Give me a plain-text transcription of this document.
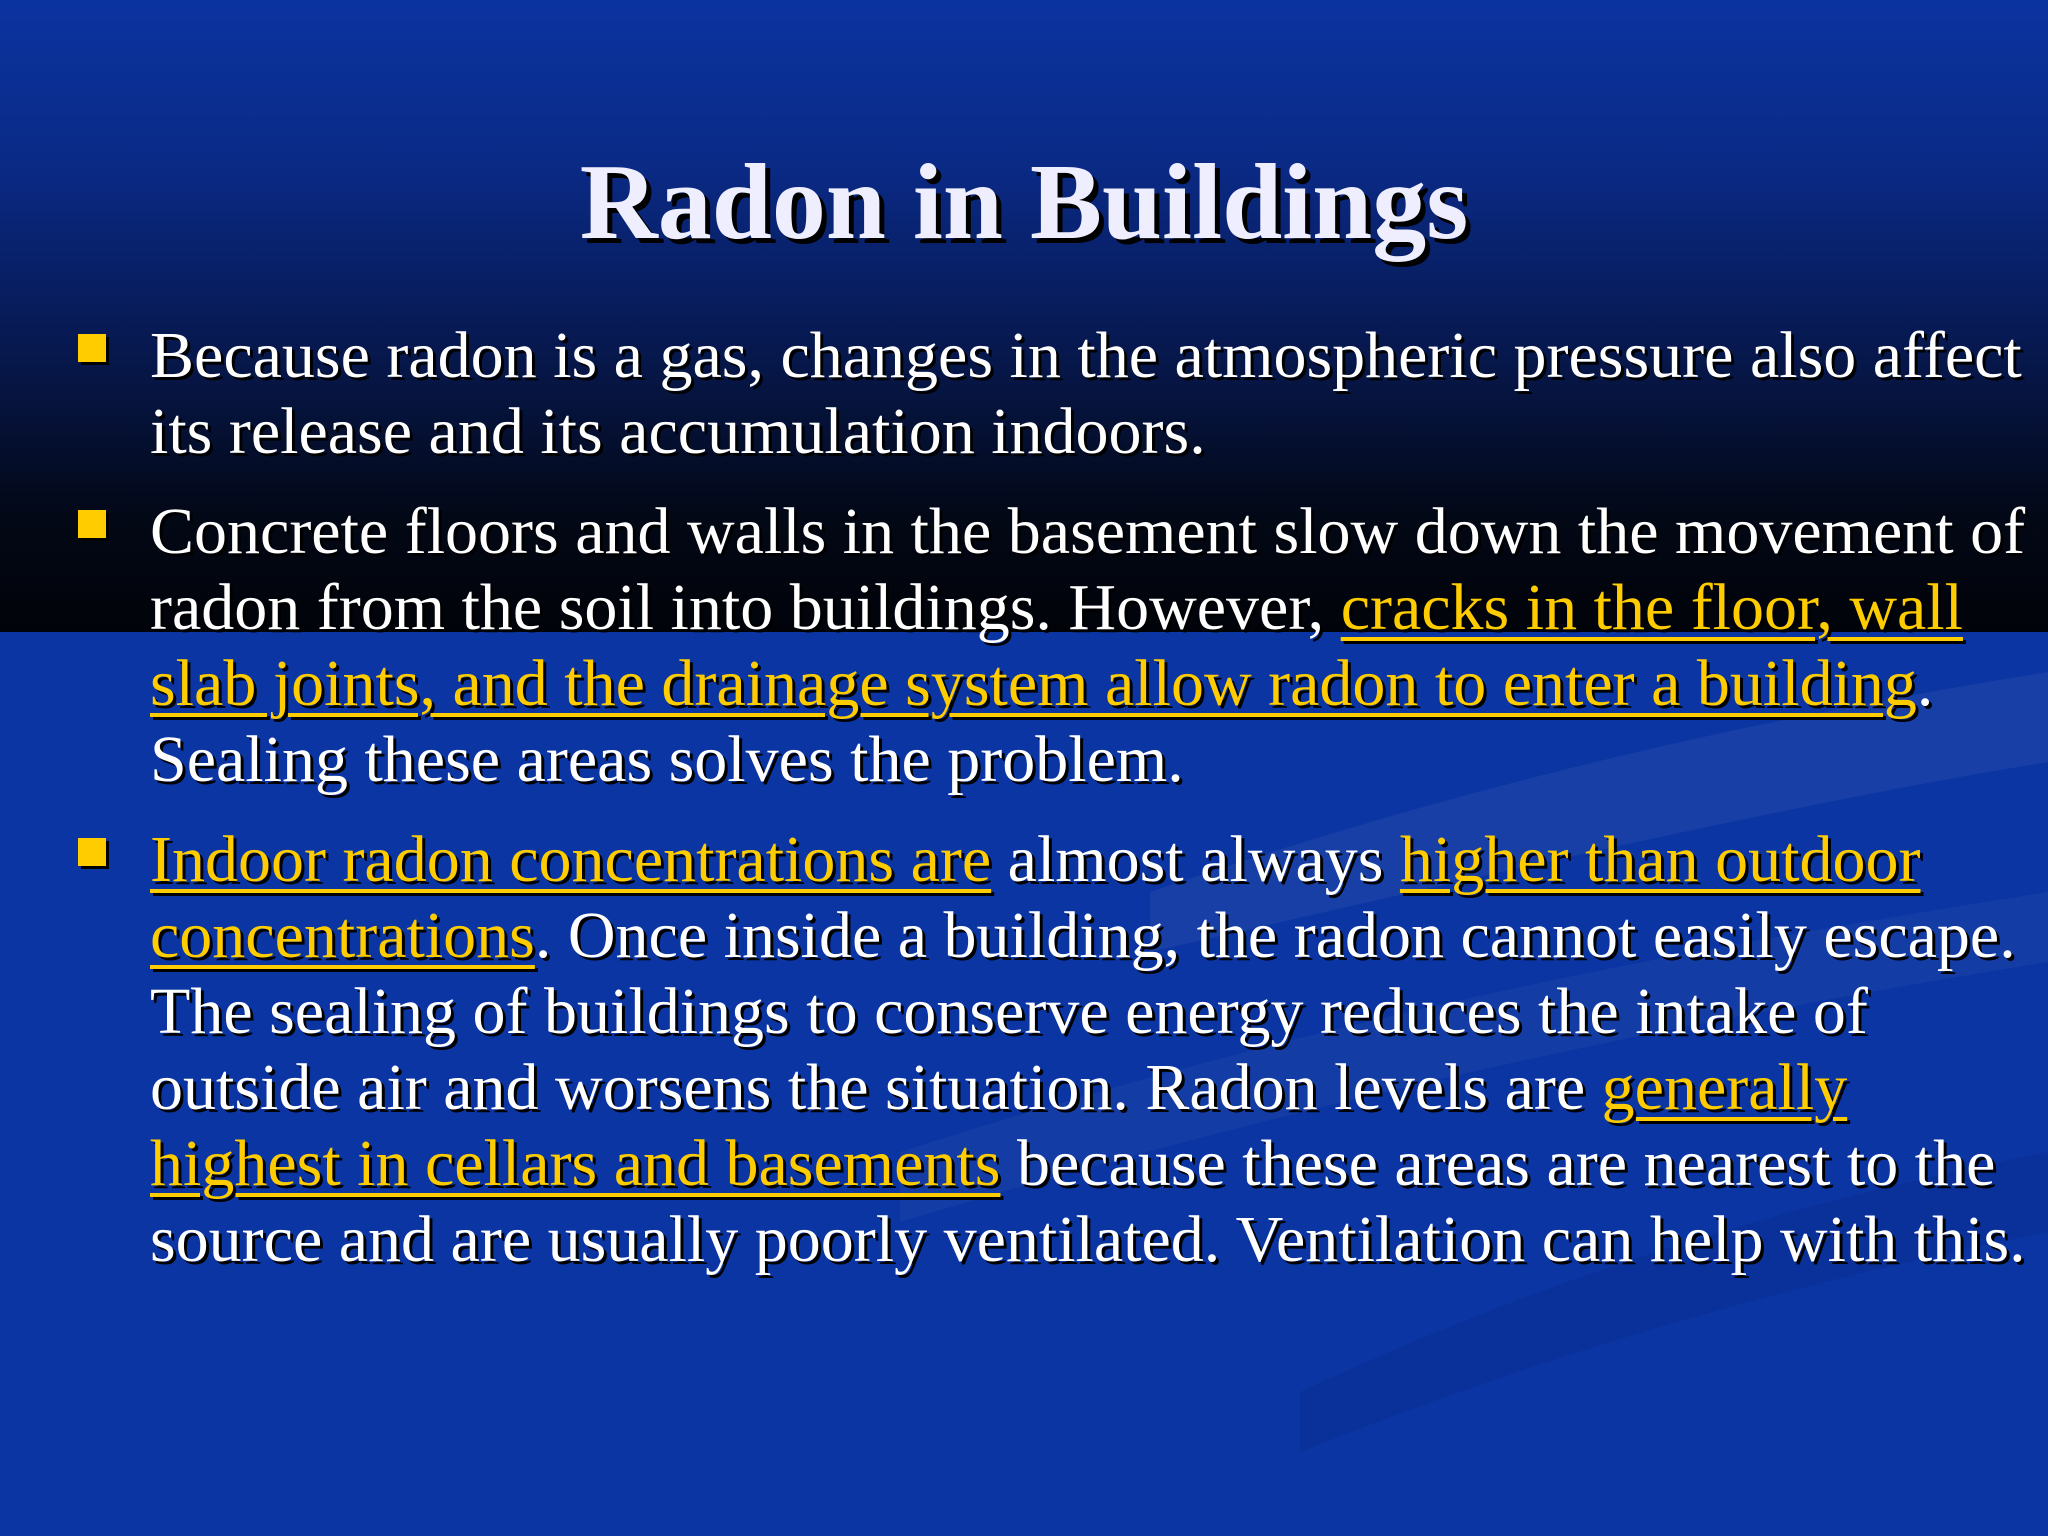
Radon in Buildings
Because radon is a gas, changes in the atmospheric pressure also affect its release and its accumulation indoors.
Concrete floors and walls in the basement slow down the movement of radon from the soil into buildings. However, cracks in the floor, wall slab joints, and the drainage system allow radon to enter a building. Sealing these areas solves the problem.
Indoor radon concentrations are almost always higher than outdoor concentrations. Once inside a building, the radon cannot easily escape. The sealing of buildings to conserve energy reduces the intake of outside air and worsens the situation. Radon levels are generally highest in cellars and basements because these areas are nearest to the source and are usually poorly ventilated. Ventilation can help with this.
